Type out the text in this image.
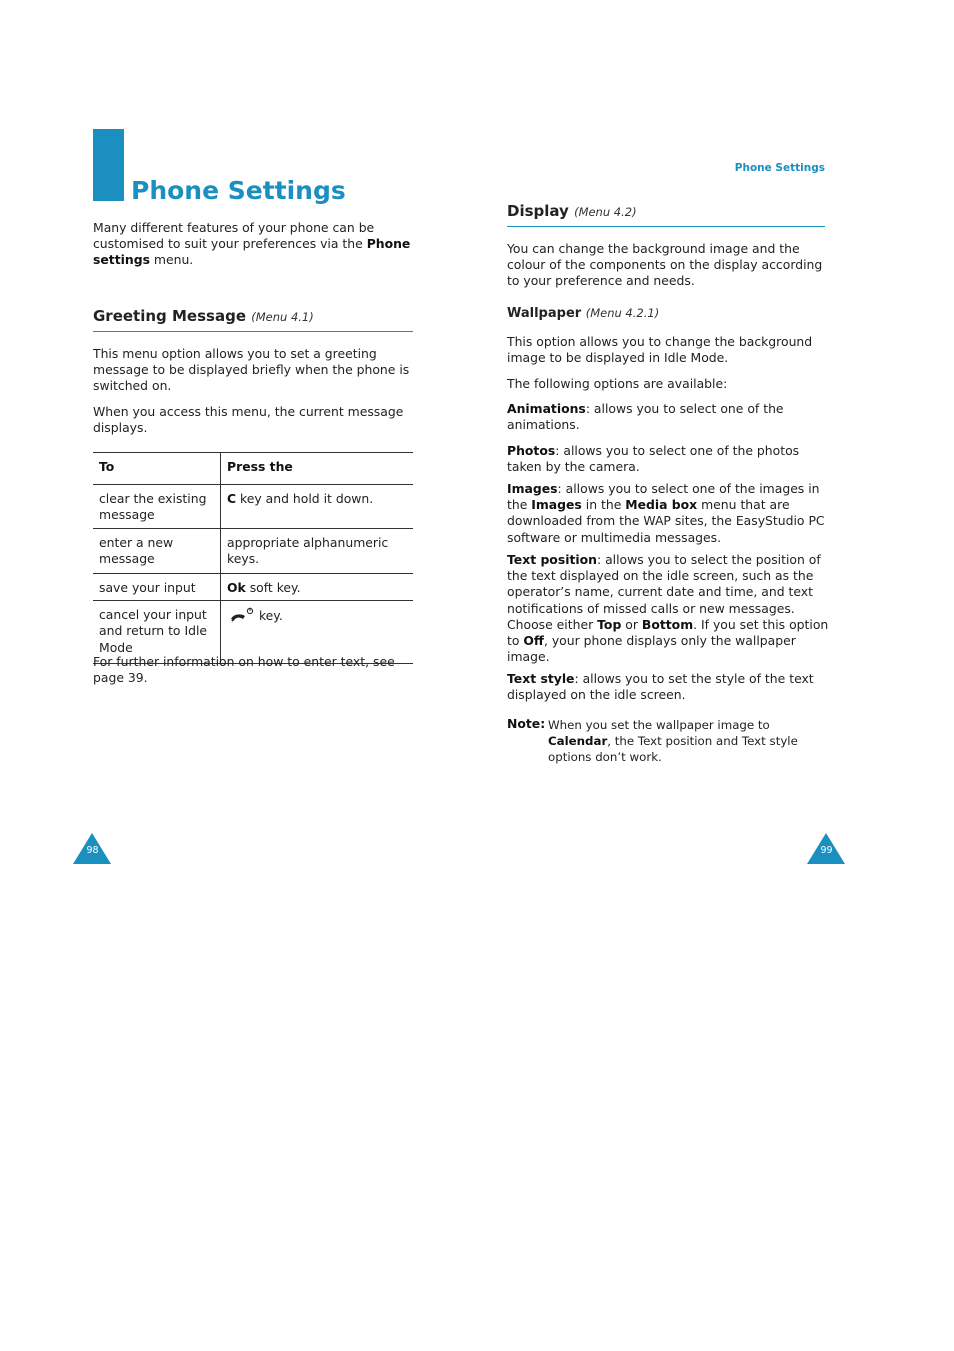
Phone Settings
Phone Settings

Many different features of your phone can be customised to suit your preferences via the Phone settings menu.

Greeting Message (Menu 4.1)

This menu option allows you to set a greeting message to be displayed briefly when the phone is switched on.

When you access this menu, the current message displays.

To	Press the
clear the existing message	C key and hold it down.
enter a new message	appropriate alphanumeric keys.
save your input	Ok soft key.
cancel your input and return to Idle Mode	key.

For further information on how to enter text, see page 39.

Display (Menu 4.2)

You can change the background image and the colour of the components on the display according to your preference and needs.

Wallpaper (Menu 4.2.1)

This option allows you to change the background image to be displayed in Idle Mode.

The following options are available:

Animations: allows you to select one of the animations.

Photos: allows you to select one of the photos taken by the camera.

Images: allows you to select one of the images in the Images in the Media box menu that are downloaded from the WAP sites, the EasyStudio PC software or multimedia messages.

Text position: allows you to select the position of the text displayed on the idle screen, such as the operator’s name, current date and time, and text notifications of missed calls or new messages. Choose either Top or Bottom. If you set this option to Off, your phone displays only the wallpaper image.

Text style: allows you to set the style of the text displayed on the idle screen.

Note: When you set the wallpaper image to Calendar, the Text position and Text style options don’t work.

98	99
